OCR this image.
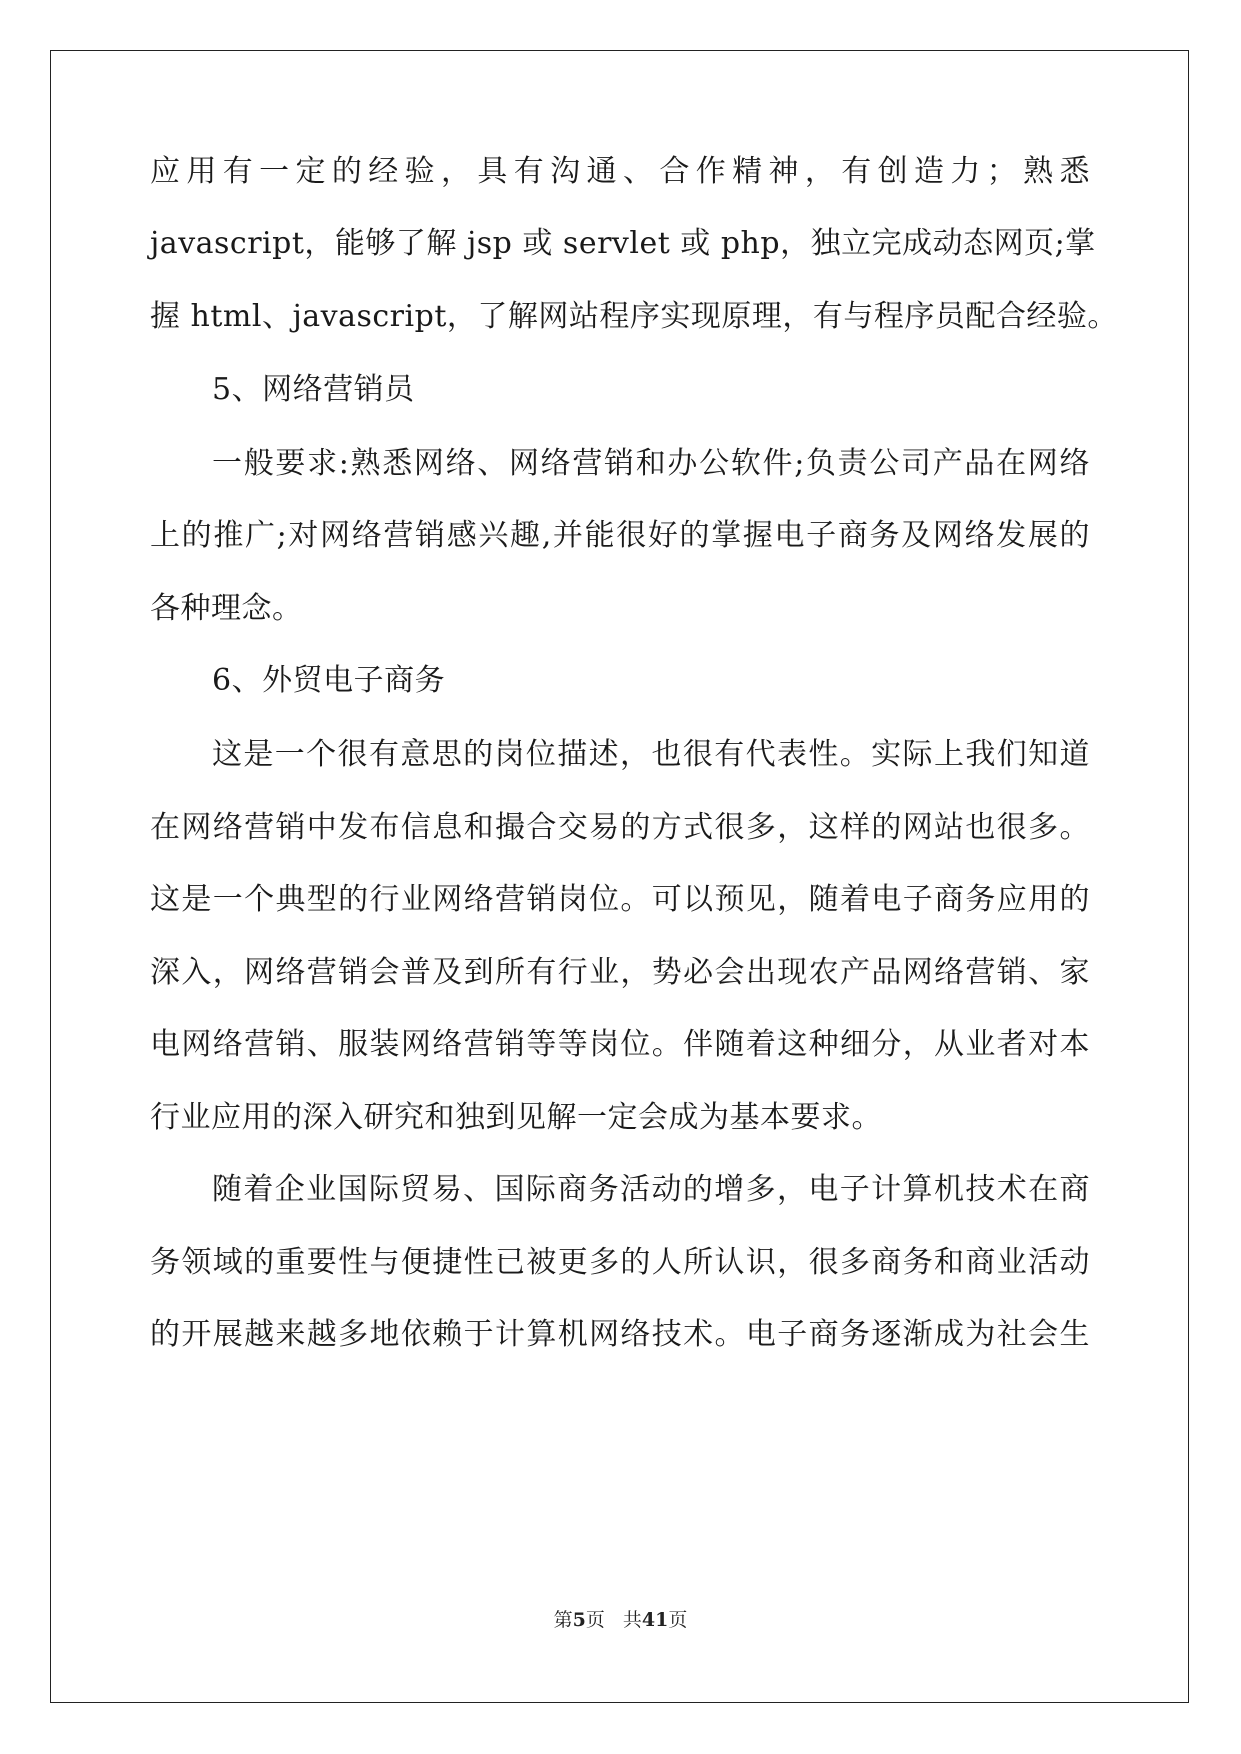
应用有一定的经验，具有沟通、合作精神，有创造力；熟悉
javascript，能够了解 jsp 或 servlet 或 php，独立完成动态网页;掌
握 html、javascript，了解网站程序实现原理，有与程序员配合经验。
5、网络营销员
一般要求:熟悉网络、网络营销和办公软件;负责公司产品在网络
上的推广;对网络营销感兴趣,并能很好的掌握电子商务及网络发展的
各种理念。
6、外贸电子商务
这是一个很有意思的岗位描述，也很有代表性。实际上我们知道
在网络营销中发布信息和撮合交易的方式很多，这样的网站也很多。
这是一个典型的行业网络营销岗位。可以预见，随着电子商务应用的
深入，网络营销会普及到所有行业，势必会出现农产品网络营销、家
电网络营销、服装网络营销等等岗位。伴随着这种细分，从业者对本
行业应用的深入研究和独到见解一定会成为基本要求。
随着企业国际贸易、国际商务活动的增多，电子计算机技术在商
务领域的重要性与便捷性已被更多的人所认识，很多商务和商业活动
的开展越来越多地依赖于计算机网络技术。电子商务逐渐成为社会生
第5页 共41页
